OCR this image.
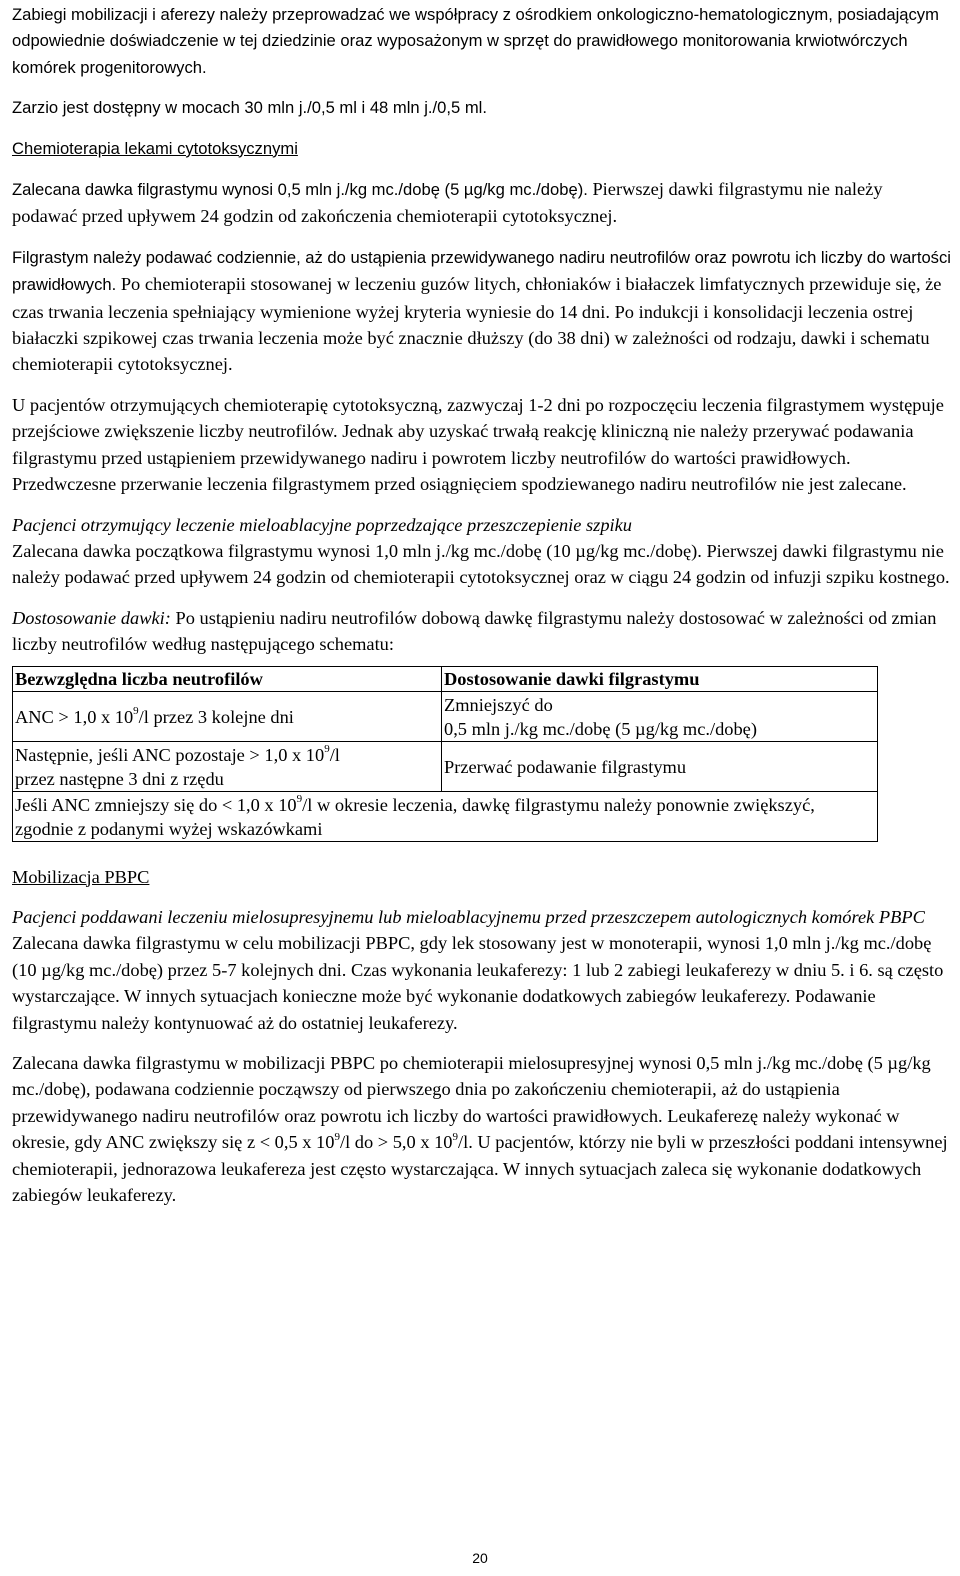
Zabiegi mobilizacji i aferezy należy przeprowadzać we współpracy z ośrodkiem onkologiczno-hematologicznym, posiadającym odpowiednie doświadczenie w tej dziedzinie oraz wyposażonym w sprzęt do prawidłowego monitorowania krwiotwórczych komórek progenitorowych.

Zarzio jest dostępny w mocach 30 mln j./0,5 ml i 48 mln j./0,5 ml.

Chemioterapia lekami cytotoksycznymi

Zalecana dawka filgrastymu wynosi 0,5 mln j./kg mc./dobę (5 µg/kg mc./dobę). Pierwszej dawki filgrastymu nie należy podawać przed upływem 24 godzin od zakończenia chemioterapii cytotoksycznej.

Filgrastym należy podawać codziennie, aż do ustąpienia przewidywanego nadiru neutrofilów oraz powrotu ich liczby do wartości prawidłowych. Po chemioterapii stosowanej w leczeniu guzów litych, chłoniaków i białaczek limfatycznych przewiduje się, że czas trwania leczenia spełniający wymienione wyżej kryteria wyniesie do 14 dni. Po indukcji i konsolidacji leczenia ostrej białaczki szpikowej czas trwania leczenia może być znacznie dłuższy (do 38 dni) w zależności od rodzaju, dawki i schematu chemioterapii cytotoksycznej.

U pacjentów otrzymujących chemioterapię cytotoksyczną, zazwyczaj 1-2 dni po rozpoczęciu leczenia filgrastymem występuje przejściowe zwiększenie liczby neutrofilów. Jednak aby uzyskać trwałą reakcję kliniczną nie należy przerywać podawania filgrastymu przed ustąpieniem przewidywanego nadiru i powrotem liczby neutrofilów do wartości prawidłowych. Przedwczesne przerwanie leczenia filgrastymem przed osiągnięciem spodziewanego nadiru neutrofilów nie jest zalecane.

Pacjenci otrzymujący leczenie mieloablacyjne poprzedzające przeszczepienie szpiku

Zalecana dawka początkowa filgrastymu wynosi 1,0 mln j./kg mc./dobę (10 µg/kg mc./dobę). Pierwszej dawki filgrastymu nie należy podawać przed upływem 24 godzin od chemioterapii cytotoksycznej oraz w ciągu 24 godzin od infuzji szpiku kostnego.

Dostosowanie dawki: Po ustąpieniu nadiru neutrofilów dobową dawkę filgrastymu należy dostosować w zależności od zmian liczby neutrofilów według następującego schematu:

Bezwzględna liczba neutrofilów	Dostosowanie dawki filgrastymu
ANC > 1,0 x $10^9/l$ przez 3 kolejne dni	Zmniejszyć do
0,5 mln j./kg mc./dobę (5 µg/kg mc./dobę)

Następnie, jeśli ANC pozostaje > 1,0 x $10^9/l$
przez następne 3 dni z rzędu	Przerwać podawanie filgrastymu
Jeśli ANC zmniejszy się do < 1,0 x $10^9/l$ w okresie leczenia, dawkę filgrastymu należy ponownie zwiększyć, zgodnie z podanymi wyżej wskazówkami	

Mobilizacja PBPC

Pacjenci poddawani leczeniu mielosupresyjnemu lub mieloablacyjnemu przed przeszczepem autologicznych komórek PBPC

Zalecana dawka filgrastymu w celu mobilizacji PBPC, gdy lek stosowany jest w monoterapii, wynosi 1,0 mln j./kg mc./dobę (10 µg/kg mc./dobę) przez 5-7 kolejnych dni. Czas wykonania leukaferezy: 1 lub 2 zabiegi leukaferezy w dniu 5. i 6. są często wystarczające. W innych sytuacjach konieczne może być wykonanie dodatkowych zabiegów leukaferezy. Podawanie filgrastymu należy kontynuować aż do ostatniej leukaferezy.

Zalecana dawka filgrastymu w mobilizacji PBPC po chemioterapii mielosupresyjnej wynosi 0,5 mln j./kg mc./dobę (5 µg/kg mc./dobę), podawana codziennie począwszy od pierwszego dnia po zakończeniu chemioterapii, aż do ustąpienia przewidywanego nadiru neutrofilów oraz powrotu ich liczby do wartości prawidłowych. Leukaferezę należy wykonać w okresie, gdy ANC zwiększy się z < 0,5 x $10^9/l$ do > 5,0 x $10^9/l$. U pacjentów, którzy nie byli w przeszłości poddani intensywnej chemioterapii, jednorazowa leukafereza jest często wystarczająca. W innych sytuacjach zaleca się wykonanie dodatkowych zabiegów leukaferezy.

20
